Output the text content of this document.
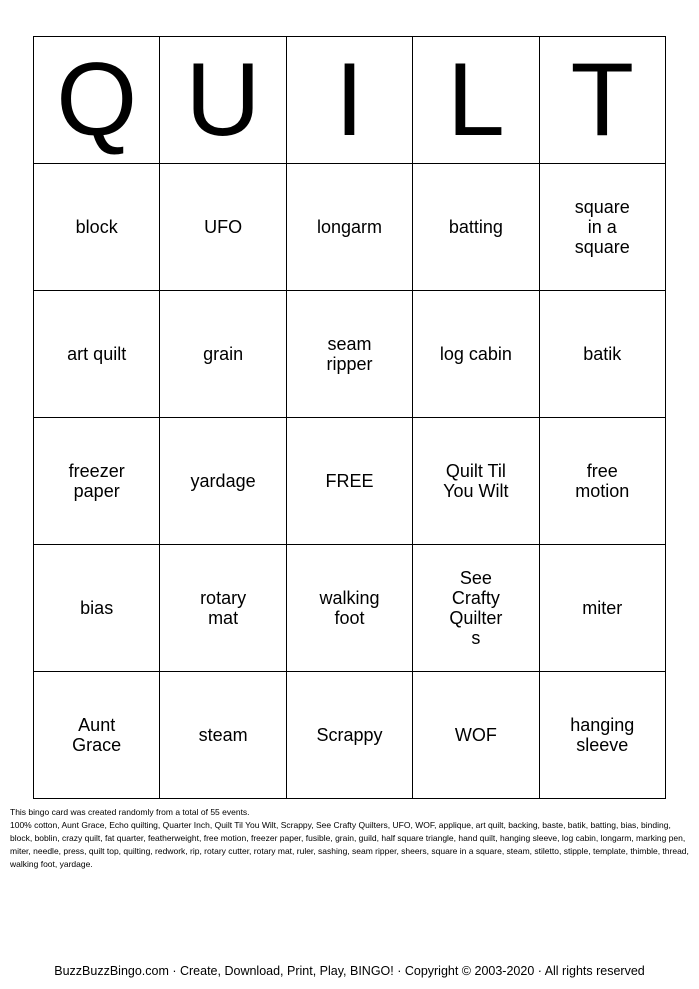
Q	U	I	L	T
block	UFO	longarm	batting	square in a square
art quilt	grain	seam ripper	log cabin	batik
freezer paper	yardage	FREE	Quilt Til You Wilt	free motion
bias	rotary mat	walking foot	See Crafty Quilters	miter
Aunt Grace	steam	Scrappy	WOF	hanging sleeve

This bingo card was created randomly from a total of 55 events.

100% cotton, Aunt Grace, Echo quilting, Quarter Inch, Quilt Til You Wilt, Scrappy, See Crafty Quilters, UFO, WOF, applique, art quilt, backing, baste, batik, batting, bias, binding, block, boblin, crazy quilt, fat quarter, featherweight, free motion, freezer paper, fusible, grain, guild, half square triangle, hand quilt, hanging sleeve, log cabin, longarm, marking pen, miter, needle, press, quilt top, quilting, redwork, rip, rotary cutter, rotary mat, ruler, sashing, seam ripper, sheers, square in a square, steam, stiletto, stipple, template, thimble, thread, walking foot, yardage.

BuzzBuzzBingo.com · Create, Download, Print, Play, BINGO! · Copyright © 2003-2020 · All rights reserved
